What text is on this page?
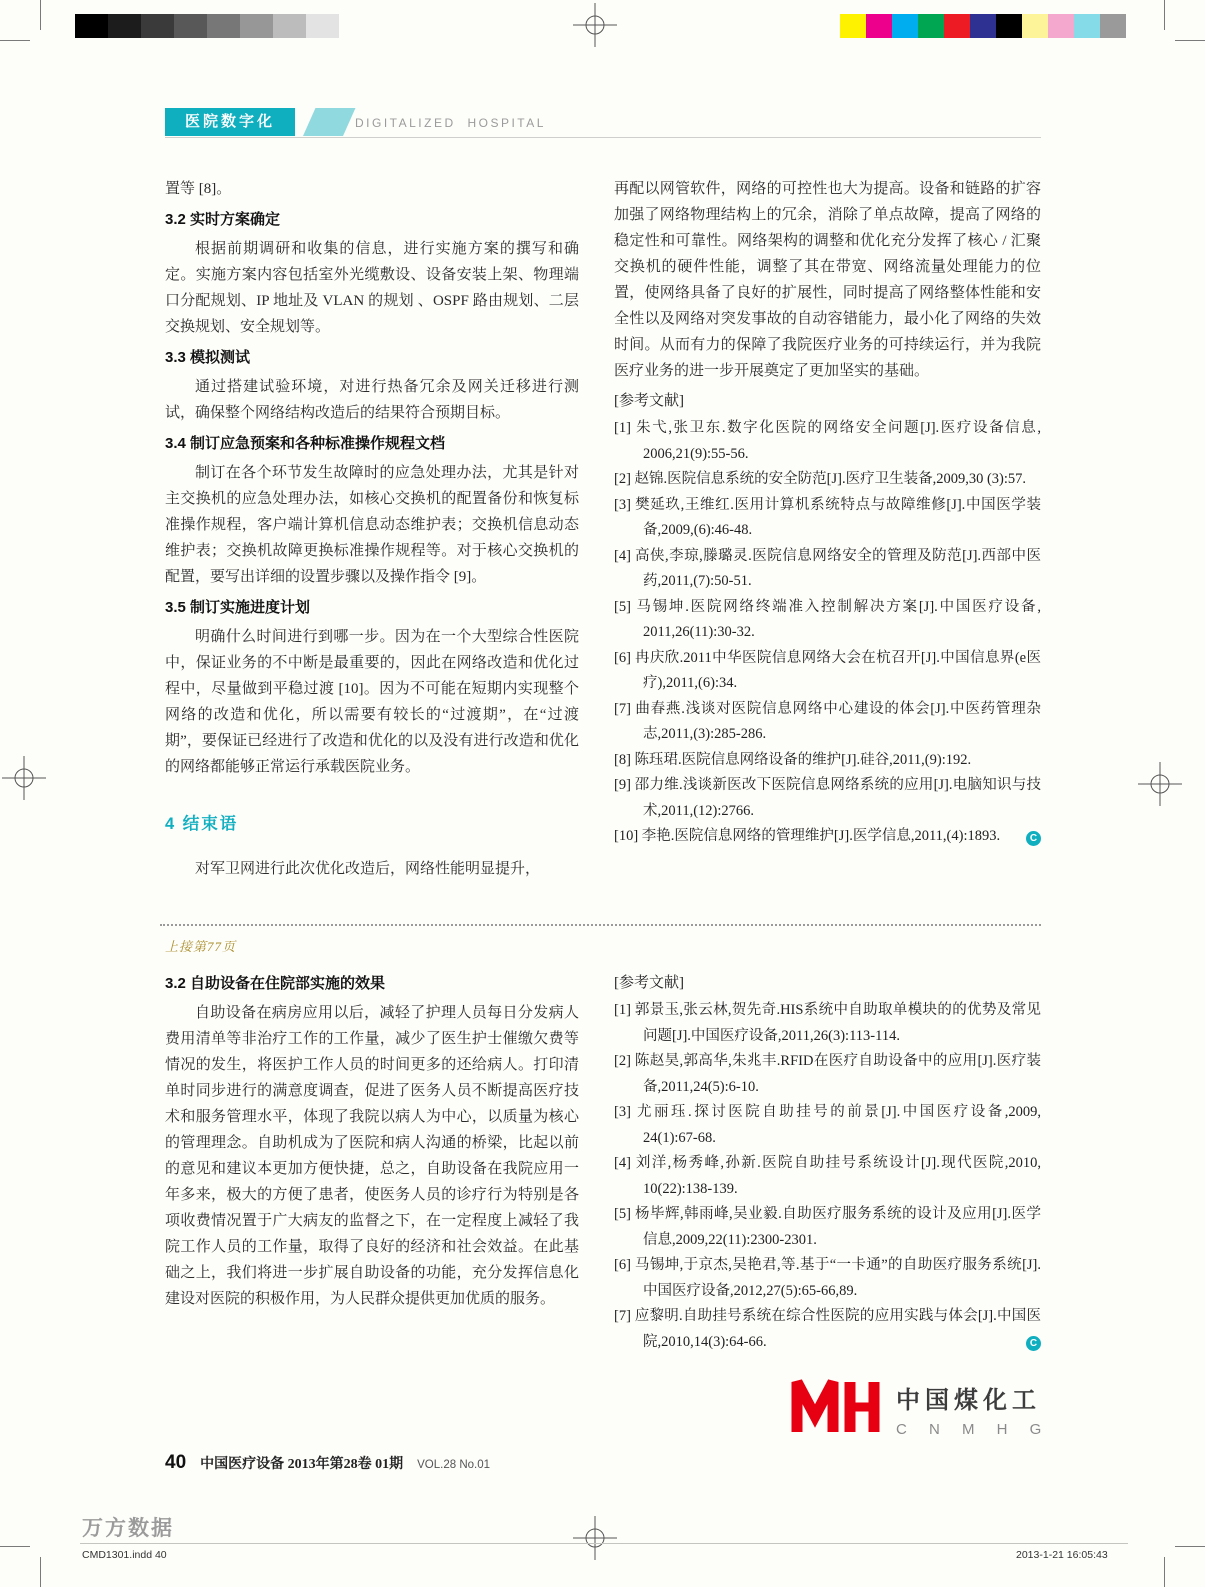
医院数字化	DIGITALIZED HOSPITAL

置等 [8]。

3.2 实时方案确定

根据前期调研和收集的信息，进行实施方案的撰写和确定。实施方案内容包括室外光缆敷设、设备安装上架、物理端口分配规划、IP 地址及 VLAN 的规划 、OSPF 路由规划、二层交换规划、安全规划等。

3.3 模拟测试

通过搭建试验环境，对进行热备冗余及网关迁移进行测试，确保整个网络结构改造后的结果符合预期目标。

3.4 制订应急预案和各种标准操作规程文档

制订在各个环节发生故障时的应急处理办法，尤其是针对主交换机的应急处理办法，如核心交换机的配置备份和恢复标准操作规程，客户端计算机信息动态维护表；交换机信息动态维护表；交换机故障更换标准操作规程等。对于核心交换机的配置，要写出详细的设置步骤以及操作指令 [9]。

3.5 制订实施进度计划

明确什么时间进行到哪一步。因为在一个大型综合性医院中，保证业务的不中断是最重要的，因此在网络改造和优化过程中，尽量做到平稳过渡 [10]。因为不可能在短期内实现整个网络的改造和优化，所以需要有较长的“过渡期”，在“过渡期”，要保证已经进行了改造和优化的以及没有进行改造和优化的网络都能够正常运行承载医院业务。

4 结束语

对军卫网进行此次优化改造后，网络性能明显提升，

再配以网管软件，网络的可控性也大为提高。设备和链路的扩容加强了网络物理结构上的冗余，消除了单点故障，提高了网络的稳定性和可靠性。网络架构的调整和优化充分发挥了核心 / 汇聚交换机的硬件性能，调整了其在带宽、网络流量处理能力的位置，使网络具备了良好的扩展性，同时提高了网络整体性能和安全性以及网络对突发事故的自动容错能力，最小化了网络的失效时间。从而有力的保障了我院医疗业务的可持续运行，并为我院医疗业务的进一步开展奠定了更加坚实的基础。

[参考文献]

[1] 朱弋,张卫东.数字化医院的网络安全问题[J].医疗设备信息, 2006,21(9):55-56.

[2] 赵锦.医院信息系统的安全防范[J].医疗卫生装备,2009,30 (3):57.

[3] 樊延玖,王维红.医用计算机系统特点与故障维修[J].中国医学装备,2009,(6):46-48.

[4] 高侠,李琼,滕璐灵.医院信息网络安全的管理及防范[J].西部中医药,2011,(7):50-51.

[5] 马锡坤.医院网络终端准入控制解决方案[J].中国医疗设备, 2011,26(11):30-32.

[6] 冉庆欣.2011中华医院信息网络大会在杭召开[J].中国信息界(e医疗),2011,(6):34.

[7] 曲春燕.浅谈对医院信息网络中心建设的体会[J].中医药管理杂志,2011,(3):285-286.

[8] 陈珏珺.医院信息网络设备的维护[J].硅谷,2011,(9):192.

[9] 邵力维.浅谈新医改下医院信息网络系统的应用[J].电脑知识与技术,2011,(12):2766.

[10] 李艳.医院信息网络的管理维护[J].医学信息,2011,(4):1893.	C
上接第77页
3.2 自助设备在住院部实施的效果

自助设备在病房应用以后，减轻了护理人员每日分发病人费用清单等非治疗工作的工作量，减少了医生护士催缴欠费等情况的发生，将医护工作人员的时间更多的还给病人。打印清单时同步进行的满意度调查，促进了医务人员不断提高医疗技术和服务管理水平，体现了我院以病人为中心，以质量为核心的管理理念。自助机成为了医院和病人沟通的桥梁，比起以前的意见和建议本更加方便快捷，总之，自助设备在我院应用一年多来，极大的方便了患者，使医务人员的诊疗行为特别是各项收费情况置于广大病友的监督之下，在一定程度上减轻了我院工作人员的工作量，取得了良好的经济和社会效益。在此基础之上，我们将进一步扩展自助设备的功能，充分发挥信息化建设对医院的积极作用，为人民群众提供更加优质的服务。

[参考文献]

[1] 郭景玉,张云林,贺先奇.HIS系统中自助取单模块的的优势及常见问题[J].中国医疗设备,2011,26(3):113-114.

[2] 陈赵昊,郭高华,朱兆丰.RFID在医疗自助设备中的应用[J].医疗装备,2011,24(5):6-10.

[3] 尤丽珏.探讨医院自助挂号的前景[J].中国医疗设备,2009, 24(1):67-68.

[4] 刘洋,杨秀峰,孙新.医院自助挂号系统设计[J].现代医院,2010, 10(22):138-139.

[5] 杨毕辉,韩雨峰,吴业毅.自助医疗服务系统的设计及应用[J].医学信息,2009,22(11):2300-2301.

[6] 马锡坤,于京杰,吴艳君,等.基于“一卡通”的自助医疗服务系统[J].中国医疗设备,2012,27(5):65-66,89.

[7] 应黎明.自助挂号系统在综合性医院的应用实践与体会[J].中国医院,2010,14(3):64-66.	C
中国煤化工
C N M H G
40 中国医疗设备 2013年第28卷 01期 VOL.28 No.01
万方数据
CMD1301.indd 40	2013-1-21 16:05:43
